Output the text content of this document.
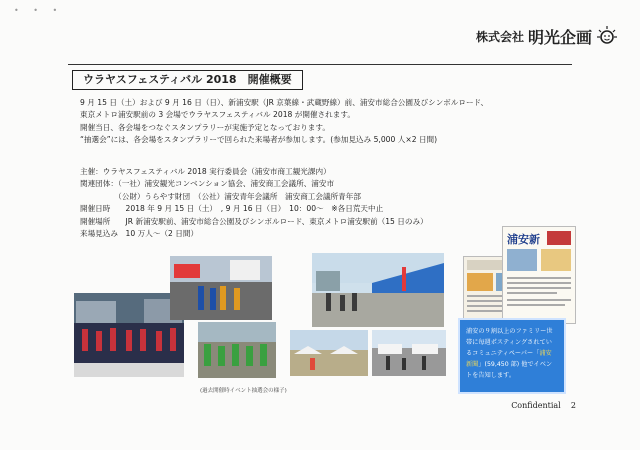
• • •
株式会社 明光企画
ウラヤスフェスティバル 2018　開催概要
9 月 15 日（土）および 9 月 16 日（日）、新浦安駅（JR 京葉線・武蔵野線）前、浦安市総合公園及びシンボルロード、
東京メトロ浦安駅前の 3 会場でウラヤスフェスティバル 2018 が開催されます。
開催当日、各会場をつなぐスタンプラリーが実施予定となっております。
“抽選会”には、各会場をスタンプラリーで回られた来場者が参加します。(参加見込み 5,000 人×2 日間)
主催：ウラヤスフェスティバル 2018 実行委員会（浦安市商工観光課内）
関連団体：（一社）浦安観光コンベンション協会、浦安商工会議所、浦安市
　　　　　（公財）うらやす財団　（公社）浦安青年会議所　浦安商工会議所青年部
開催日時　　2018 年 9 月 15 日（土）　, 9 月 16 日（日）　10：00～　※各日荒天中止
開催場所　　JR 新浦安駅前、浦安市総合公園及びシンボルロード、東京メトロ浦安駅前（15 日のみ）
来場見込み　10 万人～（2 日間）
(過去開催時イベント抽選会の様子)
浦安新
浦安の９割以上のファミリー世
帯に毎週ポスティングされてい
るコミュニティペーパー「浦安
新聞」(59,450 部) 他でイベン
トを告知します。
Confidential 2
